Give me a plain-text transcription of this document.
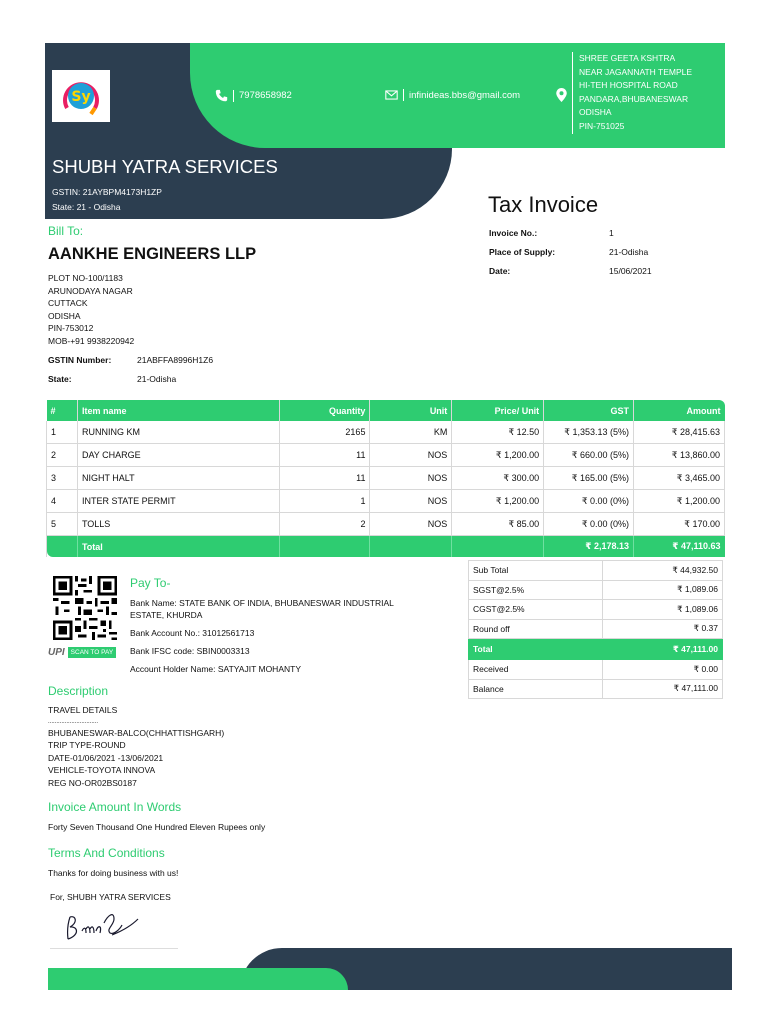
Sy	7978658982	infinideas.bbs@gmail.com
SHREE GEETA KSHTRA
NEAR JAGANNATH TEMPLE
HI-TEH HOSPITAL ROAD
PANDARA,BHUBANESWAR
ODISHA
PIN-751025
SHUBH YATRA SERVICES
GSTIN: 21AYBPM4173H1ZP
State: 21 - Odisha	Tax Invoice
Invoice No.:	1
Place of Supply:	21-Odisha
Date:	15/06/2021
Bill To:
AANKHE ENGINEERS LLP
PLOT NO-100/1183
ARUNODAYA NAGAR
CUTTACK
ODISHA
PIN-753012
MOB-+91 9938220942
GSTIN Number:	21ABFFA8996H1Z6
State:	21-Odisha
#	Item name	Quantity	Unit	Price/ Unit	GST	Amount
1	RUNNING KM	2165	KM	₹ 12.50	₹ 1,353.13 (5%)	₹ 28,415.63
2	DAY CHARGE	11	NOS	₹ 1,200.00	₹ 660.00 (5%)	₹ 13,860.00
3	NIGHT HALT	11	NOS	₹ 300.00	₹ 165.00 (5%)	₹ 3,465.00
4	INTER STATE PERMIT	1	NOS	₹ 1,200.00	₹ 0.00 (0%)	₹ 1,200.00
5	TOLLS	2	NOS	₹ 85.00	₹ 0.00 (0%)	₹ 170.00
	Total				₹ 2,178.13	₹ 47,110.63
Sub Total	₹ 44,932.50
SGST@2.5%	₹ 1,089.06
CGST@2.5%	₹ 1,089.06
Round off	₹ 0.37
Total	₹ 47,111.00
Received	₹ 0.00
Balance	₹ 47,111.00
UPI SCAN TO PAY
Pay To-
Bank Name: STATE BANK OF INDIA, BHUBANESWAR INDUSTRIAL ESTATE, KHURDA
Bank Account No.: 31012561713
Bank IFSC code: SBIN0003313
Account Holder Name: SATYAJIT MOHANTY
Description
TRAVEL DETAILS
..............................
BHUBANESWAR-BALCO(CHHATTISHGARH)
TRIP TYPE-ROUND
DATE-01/06/2021 -13/06/2021
VEHICLE-TOYOTA INNOVA
REG NO-OR02BS0187
Invoice Amount In Words
Forty Seven Thousand One Hundred Eleven Rupees only
Terms And Conditions
Thanks for doing business with us!
For, SHUBH YATRA SERVICES
